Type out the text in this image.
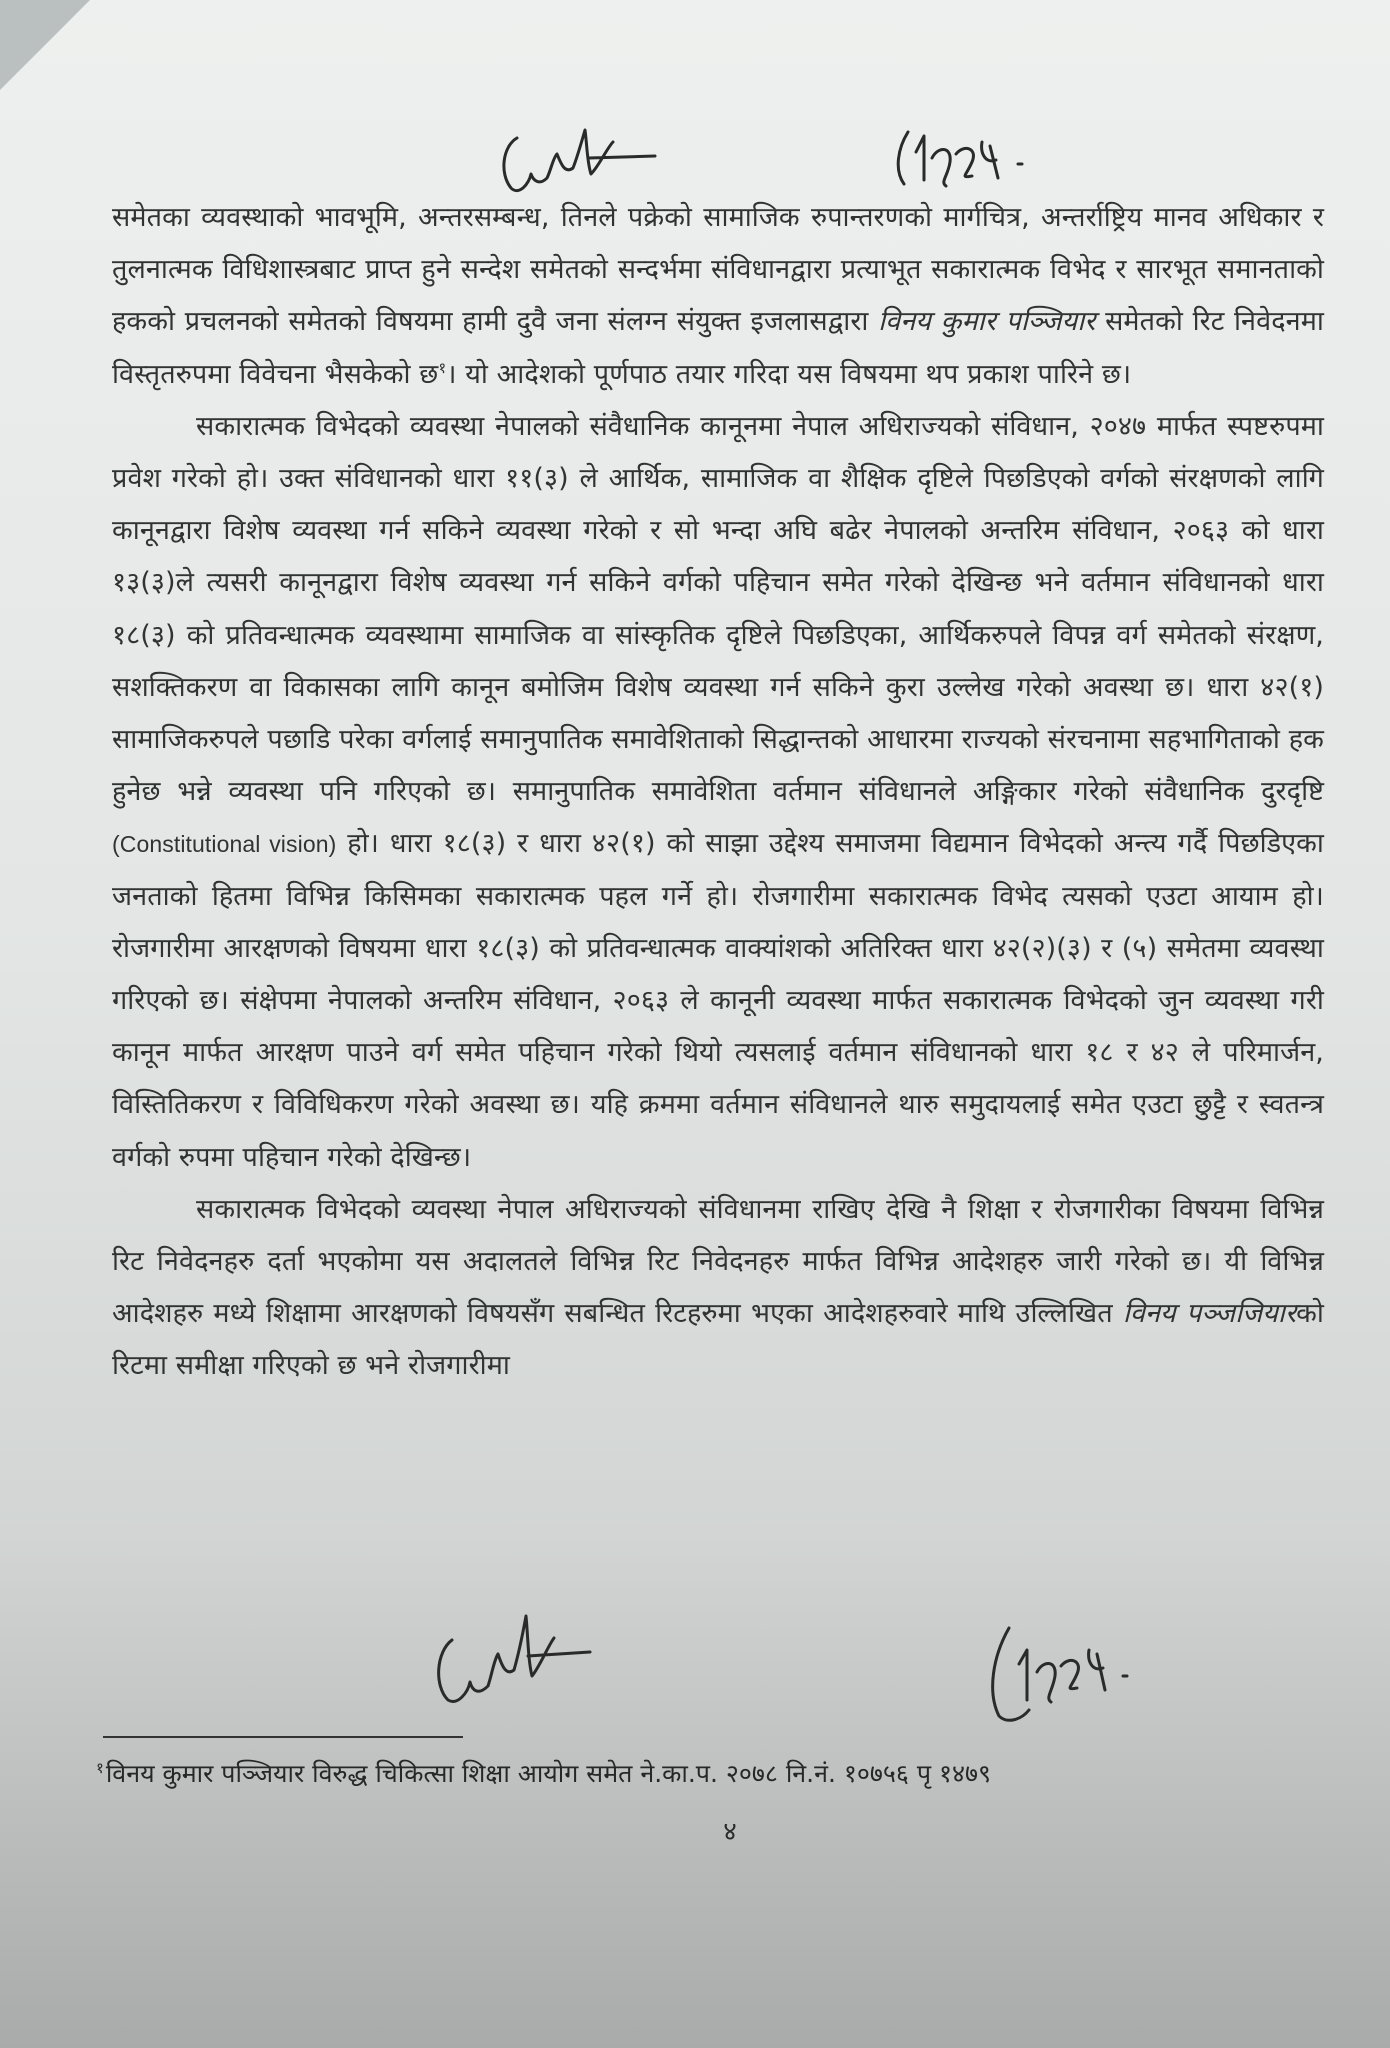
समेतका व्यवस्थाको भावभूमि, अन्तरसम्बन्ध, तिनले पक्रेको सामाजिक रुपान्तरणको मार्गचित्र, अन्तर्राष्ट्रिय मानव अधिकार र तुलनात्मक विधिशास्त्रबाट प्राप्त हुने सन्देश समेतको सन्दर्भमा संविधानद्वारा प्रत्याभूत सकारात्मक विभेद र सारभूत समानताको हकको प्रचलनको समेतको विषयमा हामी दुवै जना संलग्न संयुक्त इजलासद्वारा विनय कुमार पञ्जियार समेतको रिट निवेदनमा विस्तृतरुपमा विवेचना भैसकेको छ$^१$। यो आदेशको पूर्णपाठ तयार गरिदा यस विषयमा थप प्रकाश पारिने छ।

सकारात्मक विभेदको व्यवस्था नेपालको संवैधानिक कानूनमा नेपाल अधिराज्यको संविधान, २०४७ मार्फत स्पष्टरुपमा प्रवेश गरेको हो। उक्त संविधानको धारा ११(३) ले आर्थिक, सामाजिक वा शैक्षिक दृष्टिले पिछडिएको वर्गको संरक्षणको लागि कानूनद्वारा विशेष व्यवस्था गर्न सकिने व्यवस्था गरेको र सो भन्दा अघि बढेर नेपालको अन्तरिम संविधान, २०६३ को धारा १३(३)ले त्यसरी कानूनद्वारा विशेष व्यवस्था गर्न सकिने वर्गको पहिचान समेत गरेको देखिन्छ भने वर्तमान संविधानको धारा १८(३) को प्रतिवन्धात्मक व्यवस्थामा सामाजिक वा सांस्कृतिक दृष्टिले पिछडिएका, आर्थिकरुपले विपन्न वर्ग समेतको संरक्षण, सशक्तिकरण वा विकासका लागि कानून बमोजिम विशेष व्यवस्था गर्न सकिने कुरा उल्लेख गरेको अवस्था छ। धारा ४२(१) सामाजिकरुपले पछाडि परेका वर्गलाई समानुपातिक समावेशिताको सिद्धान्तको आधारमा राज्यको संरचनामा सहभागिताको हक हुनेछ भन्ने व्यवस्था पनि गरिएको छ। समानुपातिक समावेशिता वर्तमान संविधानले अङ्गिकार गरेको संवैधानिक दुरदृष्टि (Constitutional vision) हो। धारा १८(३) र धारा ४२(१) को साझा उद्देश्य समाजमा विद्यमान विभेदको अन्त्य गर्दै पिछडिएका जनताको हितमा विभिन्न किसिमका सकारात्मक पहल गर्ने हो। रोजगारीमा सकारात्मक विभेद त्यसको एउटा आयाम हो। रोजगारीमा आरक्षणको विषयमा धारा १८(३) को प्रतिवन्धात्मक वाक्यांशको अतिरिक्त धारा ४२(२)(३) र (५) समेतमा व्यवस्था गरिएको छ। संक्षेपमा नेपालको अन्तरिम संविधान, २०६३ ले कानूनी व्यवस्था मार्फत सकारात्मक विभेदको जुन व्यवस्था गरी कानून मार्फत आरक्षण पाउने वर्ग समेत पहिचान गरेको थियो त्यसलाई वर्तमान संविधानको धारा १८ र ४२ ले परिमार्जन, विस्तितिकरण र विविधिकरण गरेको अवस्था छ। यहि क्रममा वर्तमान संविधानले थारु समुदायलाई समेत एउटा छुट्टै र स्वतन्त्र वर्गको रुपमा पहिचान गरेको देखिन्छ।

सकारात्मक विभेदको व्यवस्था नेपाल अधिराज्यको संविधानमा राखिए देखि नै शिक्षा र रोजगारीका विषयमा विभिन्न रिट निवेदनहरु दर्ता भएकोमा यस अदालतले विभिन्न रिट निवेदनहरु मार्फत विभिन्न आदेशहरु जारी गरेको छ। यी विभिन्न आदेशहरु मध्ये शिक्षामा आरक्षणको विषयसँग सबन्धित रिटहरुमा भएका आदेशहरुवारे माथि उल्लिखित विनय पञ्जजियारको रिटमा समीक्षा गरिएको छ भने रोजगारीमा

$^१$विनय कुमार पञ्जियार विरुद्ध चिकित्सा शिक्षा आयोग समेत ने.का.प. २०७८ नि.नं. १०७५६ पृ १४७९
४
